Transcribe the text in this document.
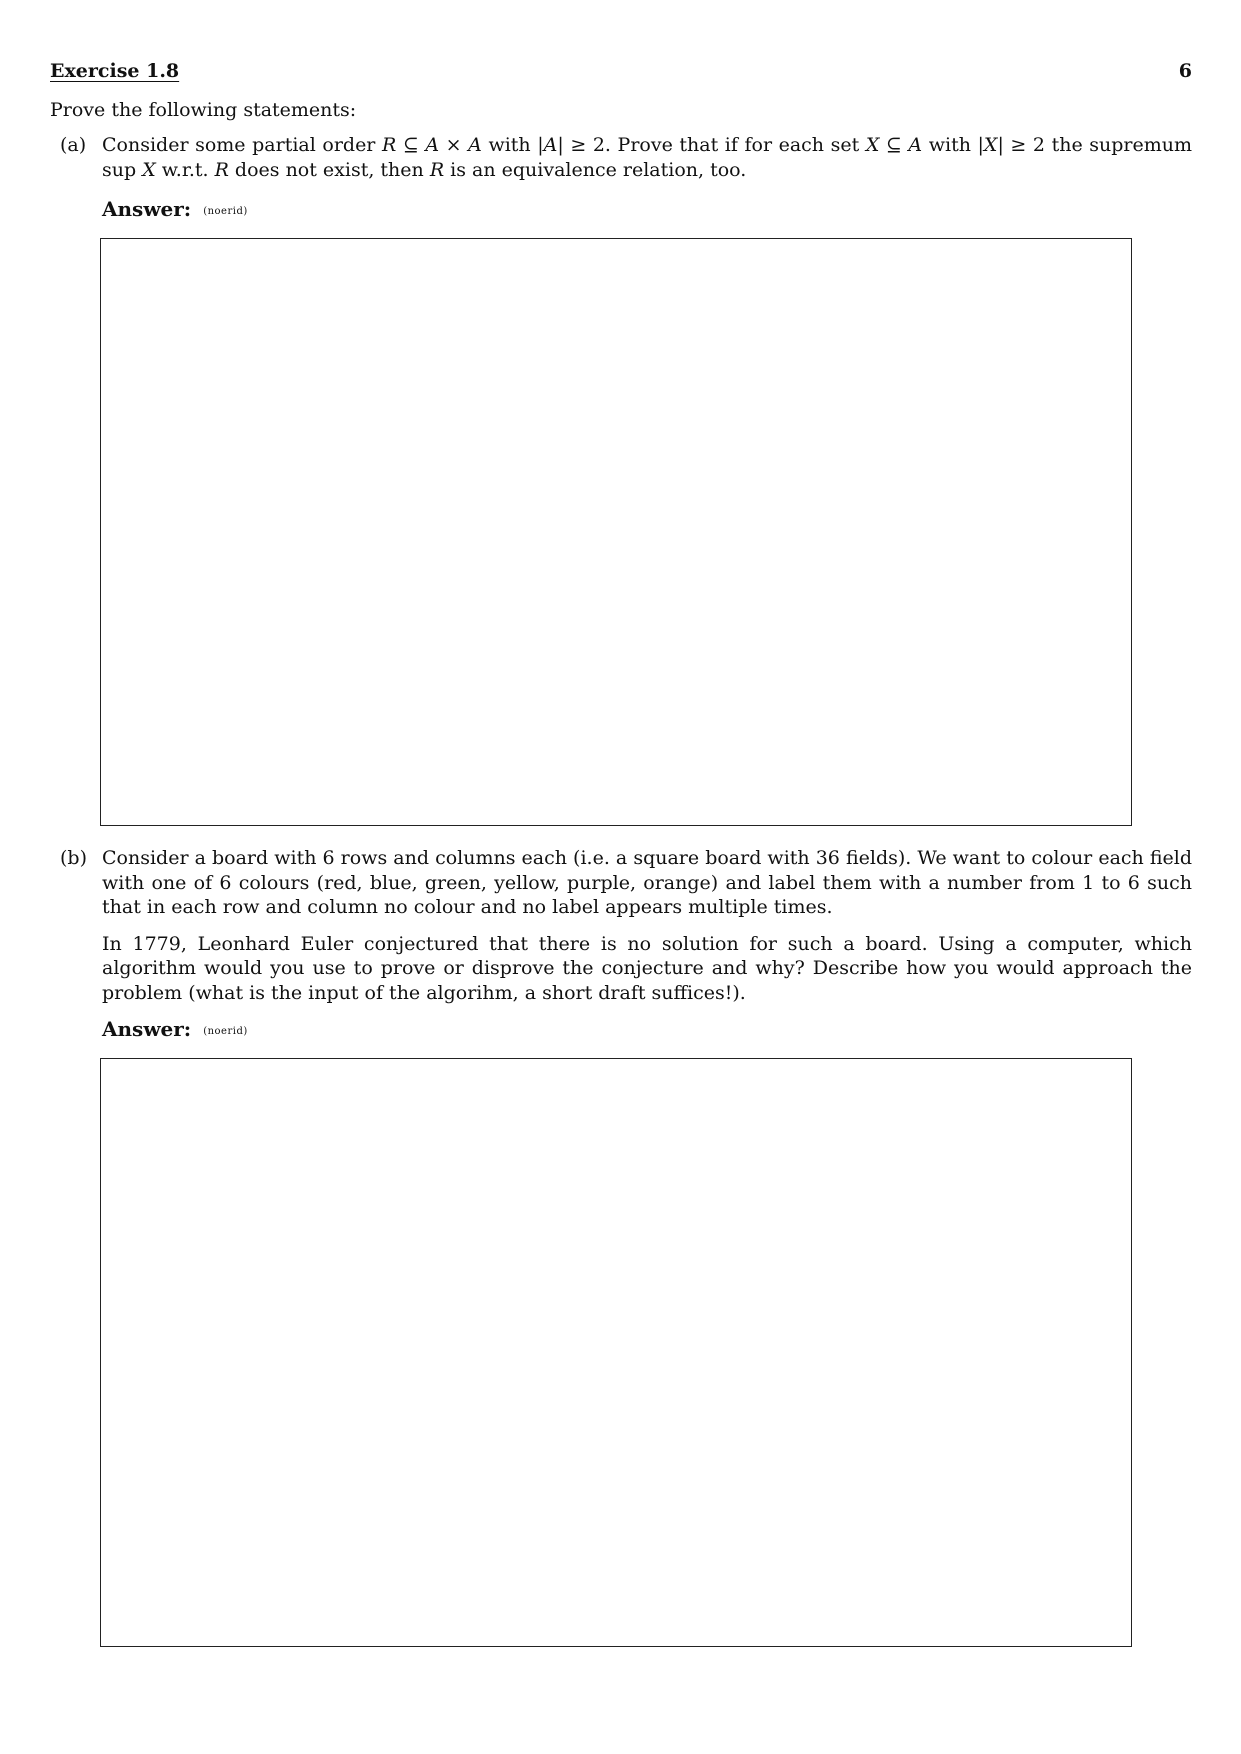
Exercise 1.8	6
Prove the following statements:
(a) Consider some partial order R ⊆ A × A with |A| ≥ 2. Prove that if for each set X ⊆ A with |X| ≥ 2 the supremum sup X w.r.t. R does not exist, then R is an equivalence relation, too.

Answer: (noerid)
(b) Consider a board with 6 rows and columns each (i.e. a square board with 36 fields). We want to colour each field with one of 6 colours (red, blue, green, yellow, purple, orange) and label them with a number from 1 to 6 such that in each row and column no colour and no label appears multiple times.

In 1779, Leonhard Euler conjectured that there is no solution for such a board. Using a computer, which algorithm would you use to prove or disprove the conjecture and why? Describe how you would approach the problem (what is the input of the algorihm, a short draft suffices!).

Answer: (noerid)
